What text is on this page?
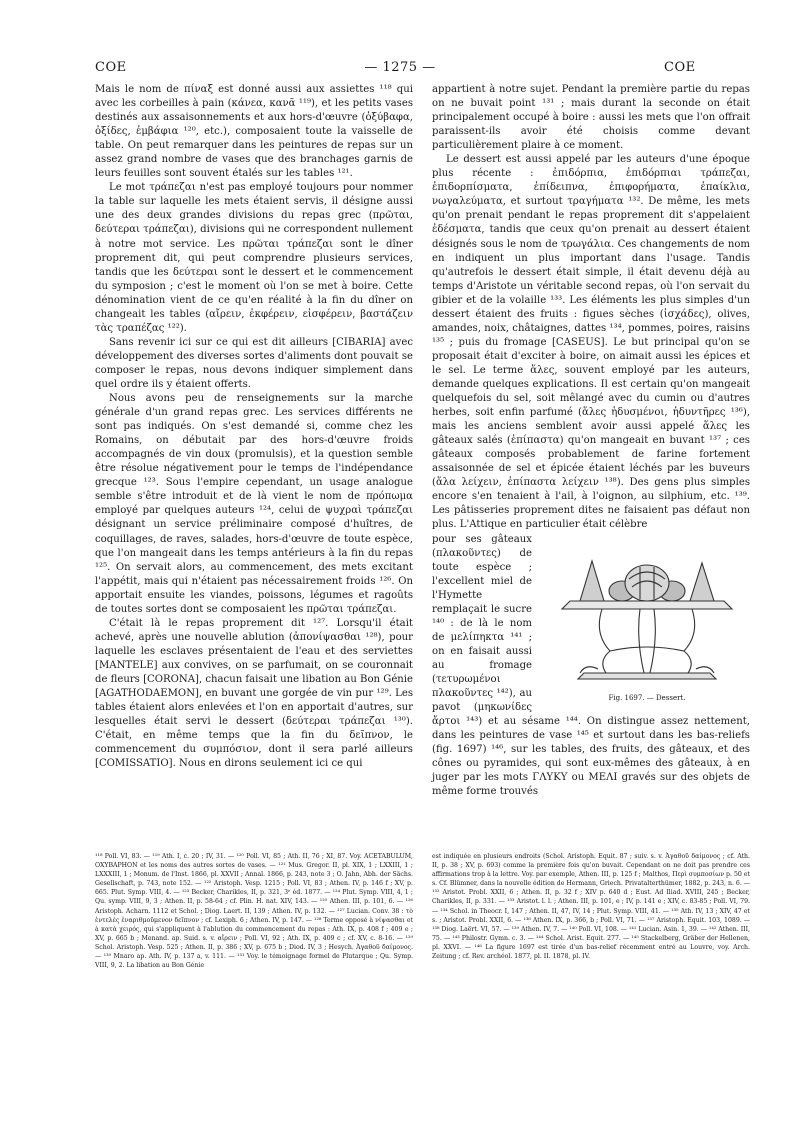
COE	— 1275 —	COE

Mais le nom de πίναξ est donné aussi aux assiettes ¹¹⁸ qui avec les corbeilles à pain (κάνεα, κανᾶ ¹¹⁹), et les petits vases destinés aux assaisonnements et aux hors-d'œuvre (ὀξύβαφα, ὀξίδες, ἐμβάφια ¹²⁰, etc.), composaient toute la vaisselle de table. On peut remarquer dans les peintures de repas sur un assez grand nombre de vases que des branchages garnis de leurs feuilles sont souvent étalés sur les tables ¹²¹.

Le mot τράπεζαι n'est pas employé toujours pour nommer la table sur laquelle les mets étaient servis, il désigne aussi une des deux grandes divisions du repas grec (πρῶται, δεύτεραι τράπεζαι), divisions qui ne correspondent nullement à notre mot service. Les πρῶται τράπεζαι sont le dîner proprement dit, qui peut comprendre plusieurs services, tandis que les δεύτεραι sont le dessert et le commencement du symposion ; c'est le moment où l'on se met à boire. Cette dénomination vient de ce qu'en réalité à la fin du dîner on changeait les tables (αἴρειν, ἐκφέρειν, εἰσφέρειν, βαστάζειν τὰς τραπέζας ¹²²).

Sans revenir ici sur ce qui est dit ailleurs [CIBARIA] avec développement des diverses sortes d'aliments dont pouvait se composer le repas, nous devons indiquer simplement dans quel ordre ils y étaient offerts.

Nous avons peu de renseignements sur la marche générale d'un grand repas grec. Les services différents ne sont pas indiqués. On s'est demandé si, comme chez les Romains, on débutait par des hors-d'œuvre froids accompagnés de vin doux (promulsis), et la question semble être résolue négativement pour le temps de l'indépendance grecque ¹²³. Sous l'empire cependant, un usage analogue semble s'être introduit et de là vient le nom de πρόπωμα employé par quelques auteurs ¹²⁴, celui de ψυχραὶ τράπεζαι désignant un service préliminaire composé d'huîtres, de coquillages, de raves, salades, hors-d'œuvre de toute espèce, que l'on mangeait dans les temps antérieurs à la fin du repas ¹²⁵. On servait alors, au commencement, des mets excitant l'appétit, mais qui n'étaient pas nécessairement froids ¹²⁶. On apportait ensuite les viandes, poissons, légumes et ragoûts de toutes sortes dont se composaient les πρῶται τράπεζαι.

C'était là le repas proprement dit ¹²⁷. Lorsqu'il était achevé, après une nouvelle ablution (ἀπονίψασθαι ¹²⁸), pour laquelle les esclaves présentaient de l'eau et des serviettes [MANTELE] aux convives, on se parfumait, on se couronnait de fleurs [CORONA], chacun faisait une libation au Bon Génie [AGATHODAEMON], en buvant une gorgée de vin pur ¹²⁹. Les tables étaient alors enlevées et l'on en apportait d'autres, sur lesquelles était servi le dessert (δεύτεραι τράπεζαι ¹³⁰). C'était, en même temps que la fin du δεῖπνον, le commencement du συμπόσιον, dont il sera parlé ailleurs [COMISSATIO]. Nous en dirons seulement ici ce qui

appartient à notre sujet. Pendant la première partie du repas on ne buvait point ¹³¹ ; mais durant la seconde on était principalement occupé à boire : aussi les mets que l'on offrait paraissent-ils avoir été choisis comme devant particulièrement plaire à ce moment.

Le dessert est aussi appelé par les auteurs d'une époque plus récente : ἐπιδόρπια, ἐπιδόρπιαι τράπεζαι, ἐπιδορπίσματα, ἐπίδειπνα, ἐπιφορήματα, ἐπαίκλια, νωγαλεύματα, et surtout τραγήματα ¹³². De même, les mets qu'on prenait pendant le repas proprement dit s'appelaient ἐδέσματα, tandis que ceux qu'on prenait au dessert étaient désignés sous le nom de τρωγάλια. Ces changements de nom en indiquent un plus important dans l'usage. Tandis qu'autrefois le dessert était simple, il était devenu déjà au temps d'Aristote un véritable second repas, où l'on servait du gibier et de la volaille ¹³³. Les éléments les plus simples d'un dessert étaient des fruits : figues sèches (ἰσχάδες), olives, amandes, noix, châtaignes, dattes ¹³⁴, pommes, poires, raisins ¹³⁵ ; puis du fromage [CASEUS]. Le but principal qu'on se proposait était d'exciter à boire, on aimait aussi les épices et le sel. Le terme ἅλες, souvent employé par les auteurs, demande quelques explications. Il est certain qu'on mangeait quelquefois du sel, soit mêlangé avec du cumin ou d'autres herbes, soit enfin parfumé (ἅλες ἡδυσμένοι, ἡδυντῆρες ¹³⁶), mais les anciens semblent avoir aussi appelé ἅλες les gâteaux salés (ἐπίπαστα) qu'on mangeait en buvant ¹³⁷ ; ces gâteaux composés probablement de farine fortement assaisonnée de sel et épicée étaient léchés par les buveurs (ἅλα λείχειν, ἐπίπαστα λείχειν ¹³⁸). Des gens plus simples encore s'en tenaient à l'ail, à l'oignon, au silphium, etc. ¹³⁹. Les pâtisseries proprement dites ne faisaient pas défaut non plus. L'Attique en particulier était célèbre

Fig. 1697. — Dessert.

pour ses gâteaux (πλακοῦντες) de toute espèce ; l'excellent miel de l'Hymette remplaçait le sucre ¹⁴⁰ : de là le nom de μελίπηκτα ¹⁴¹ ; on en faisait aussi au fromage (τετυρωμένοι πλακοῦντες ¹⁴²), au pavot (μηκωνίδες ἄρτοι ¹⁴³) et au sésame ¹⁴⁴. On distingue assez nettement, dans les peintures de vase ¹⁴⁵ et surtout dans les bas-reliefs (fig. 1697) ¹⁴⁶, sur les tables, des fruits, des gâteaux, et des cônes ou pyramides, qui sont eux-mêmes des gâteaux, à en juger par les mots ΓΛΥΚΥ ou ΜΕΛΙ gravés sur des objets de même forme trouvés

¹¹⁸ Poll. VI, 83. — ¹¹⁹ Ath. I, c. 20 ; IV, 31. — ¹²⁰ Poll. VI, 85 ; Ath. II, 76 ; XI, 87. Voy. ACETABULUM, OXYBAPHON et les noms des autres sortes de vases. — ¹²¹ Mus. Gregor. II, pl. XIX, 1 ; LXXIII, 1 ; LXXXIII, 1 ; Monum. de l'Inst. 1866, pl. XXVII ; Annal. 1866, p. 243, note 3 ; O. Jahn, Abh. der Sächs. Gesellschaft, p. 743, note 152. — ¹²² Aristoph. Vesp. 1215 ; Poll. VI, 83 ; Athen. IV, p. 146 f ; XV, p. 665. Plut. Symp. VIII, 4. — ¹²³ Becker, Charikles, II, p. 321, 3ᵉ éd. 1877. — ¹²⁴ Plut. Symp. VIII, 4, 1 ; Qu. symp. VIII, 9, 3 ; Athen. II, p. 58-64 ; cf. Plin. H. nat. XIV, 143. — ¹²⁵ Athen. III, p. 101, 6. — ¹²⁶ Aristoph. Acharn. 1112 et Schol. ; Diog. Laert. II, 139 ; Athen. IV, p. 132. — ¹²⁷ Lucian. Conv. 38 : τὸ ἐντελὲς ἐναριθμοῦμενον δεῖπνον ; cf. Lexiph. 6 ; Athen. IV, p. 147. — ¹²⁸ Terme opposé à νίψασθαι et à κατὰ χειρός, qui s'appliquent à l'ablution du commencement du repas : Ath. IX, p. 408 f ; 409 e ; XV, p. 665 b ; Menand. ap. Suid. s. v. αἴρειν ; Poll. VI, 92 ; Ath. IX, p. 409 c ; cf. XV, c. 8-16. — ¹²⁹ Schol. Aristoph. Vesp. 525 ; Athen. II, p. 386 ; XV, p. 675 b ; Diod. IV, 3 ; Hesych. Ἀγαθοῦ δαίμονος. — ¹³⁰ Mnaro ap. Ath. IV, p. 137 a, v. 111. — ¹³¹ Voy. le témoignage formel de Plutarque ; Qu. Symp. VIII, 9, 2. La libation au Bon Génie

est indiquée en plusieurs endroits (Schol. Aristoph. Equit. 87 ; suiv. s. v. Ἀγαθοῦ δαίμονος ; cf. Ath. II, p. 38 ; XV, p. 693) comme la première fois qu'on buvait. Cependant on ne doit pas prendre ces affirmations trop à la lettre. Voy. par exemple, Athen. III, p. 125 f ; Malthos, Περὶ συμποσίων p. 50 et s. Cf. Blümner, dans la nouvelle édition de Hermann, Griech. Privatalterthümer, 1882, p. 243, n. 6. — ¹³² Aristot. Probl. XXII, 6 ; Athen. II, p. 32 f ; XIV p. 640 d ; Eust. Ad Iliad. XVIII, 245 ; Becker, Charikles, II, p. 331. — ¹³³ Aristot. l. l. ; Athen. III, p. 101, e ; IV, p. 141 e ; XIV, c. 83-85 ; Poll. VI, 79. — ¹³⁴ Schol. in Theocr. I, 147 ; Athen. II, 47, IV, 14 ; Plut. Symp. VIII, 41. — ¹³⁵ Ath. IV, 13 ; XIV, 47 et s. ; Aristot. Probl. XXII, 6. — ¹³⁶ Athen. IX, p. 366, b ; Poll. VI, 71. — ¹³⁷ Aristoph. Equit. 103, 1089. — ¹³⁸ Diog. Laërt. VI, 57. — ¹³⁹ Athen. IV, 7. — ¹⁴⁰ Poll. VI, 108. — ¹⁴¹ Lucian. Asin. 1, 39. — ¹⁴² Athen. III, 75. — ¹⁴³ Philostr. Gymn. c. 3. — ¹⁴⁴ Schol. Arist. Equit. 277. — ¹⁴⁵ Stackelberg, Gräber der Hellenen, pl. XXVI. — ¹⁴⁶ La figure 1697 est tirée d'un bas-relief récemment entré au Louvre, voy. Arch. Zeitung ; cf. Rev. archéol. 1877, pl. II. 1878, pl. IV.
